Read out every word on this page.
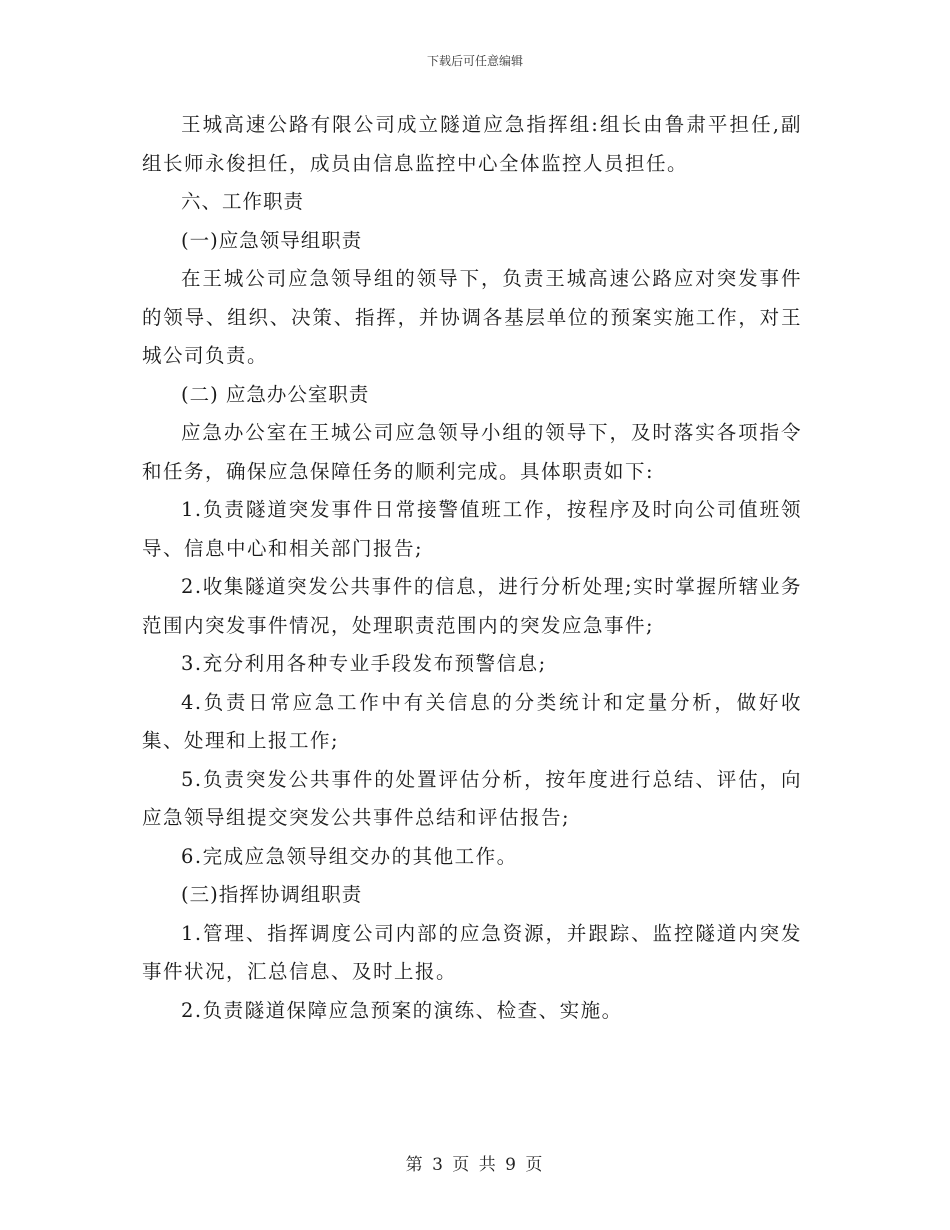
下载后可任意编辑

王城高速公路有限公司成立隧道应急指挥组:组长由鲁肃平担任,副组长师永俊担任，成员由信息监控中心全体监控人员担任。

六、工作职责

(一)应急领导组职责

在王城公司应急领导组的领导下，负责王城高速公路应对突发事件的领导、组织、决策、指挥，并协调各基层单位的预案实施工作，对王城公司负责。

(二) 应急办公室职责

应急办公室在王城公司应急领导小组的领导下，及时落实各项指令和任务，确保应急保障任务的顺利完成。具体职责如下:

1.负责隧道突发事件日常接警值班工作，按程序及时向公司值班领导、信息中心和相关部门报告;

2.收集隧道突发公共事件的信息，进行分析处理;实时掌握所辖业务范围内突发事件情况，处理职责范围内的突发应急事件;

3.充分利用各种专业手段发布预警信息;

4.负责日常应急工作中有关信息的分类统计和定量分析，做好收集、处理和上报工作;

5.负责突发公共事件的处置评估分析，按年度进行总结、评估，向应急领导组提交突发公共事件总结和评估报告;

6.完成应急领导组交办的其他工作。

(三)指挥协调组职责

1.管理、指挥调度公司内部的应急资源，并跟踪、监控隧道内突发事件状况，汇总信息、及时上报。

2.负责隧道保障应急预案的演练、检查、实施。

第 3 页 共 9 页
